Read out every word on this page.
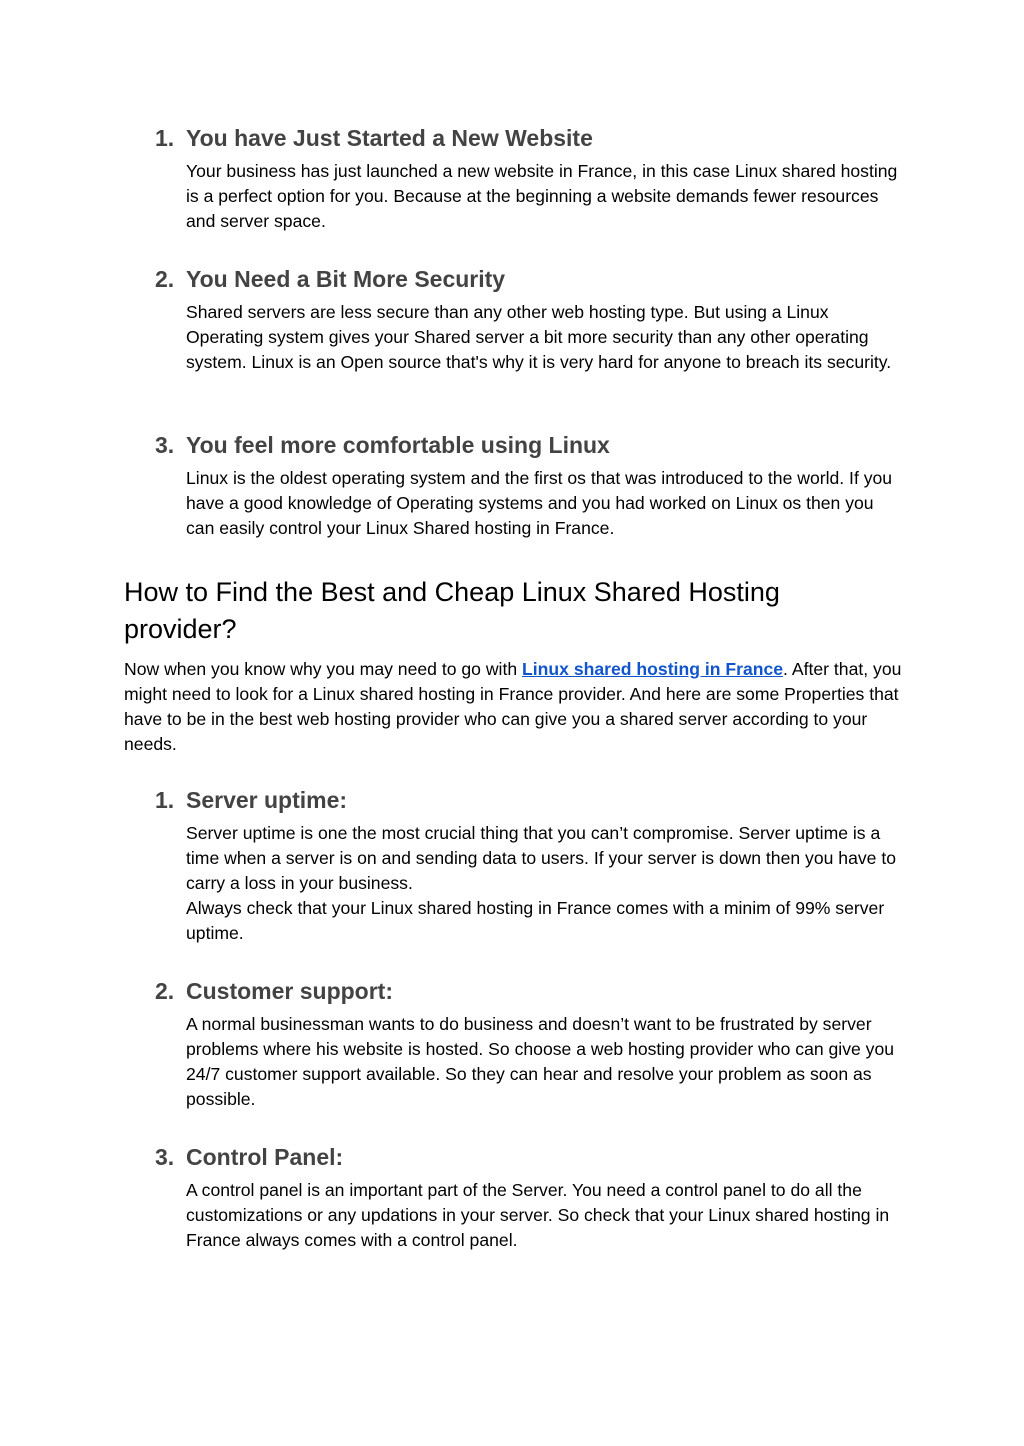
1. You have Just Started a New Website

Your business has just launched a new website in France, in this case Linux shared hosting is a perfect option for you. Because at the beginning a website demands fewer resources and server space.

2. You Need a Bit More Security

Shared servers are less secure than any other web hosting type. But using a Linux Operating system gives your Shared server a bit more security than any other operating system. Linux is an Open source that's why it is very hard for anyone to breach its security.

3. You feel more comfortable using Linux

Linux is the oldest operating system and the first os that was introduced to the world. If you have a good knowledge of Operating systems and you had worked on Linux os then you can easily control your Linux Shared hosting in France.

How to Find the Best and Cheap Linux Shared Hosting provider?

Now when you know why you may need to go with Linux shared hosting in France. After that, you might need to look for a Linux shared hosting in France provider. And here are some Properties that have to be in the best web hosting provider who can give you a shared server according to your needs.

1. Server uptime:

Server uptime is one the most crucial thing that you can’t compromise. Server uptime is a time when a server is on and sending data to users. If your server is down then you have to carry a loss in your business.

Always check that your Linux shared hosting in France comes with a minim of 99% server uptime.

2. Customer support:

A normal businessman wants to do business and doesn’t want to be frustrated by server problems where his website is hosted. So choose a web hosting provider who can give you 24/7 customer support available. So they can hear and resolve your problem as soon as possible.

3. Control Panel:

A control panel is an important part of the Server. You need a control panel to do all the customizations or any updations in your server. So check that your Linux shared hosting in France always comes with a control panel.
